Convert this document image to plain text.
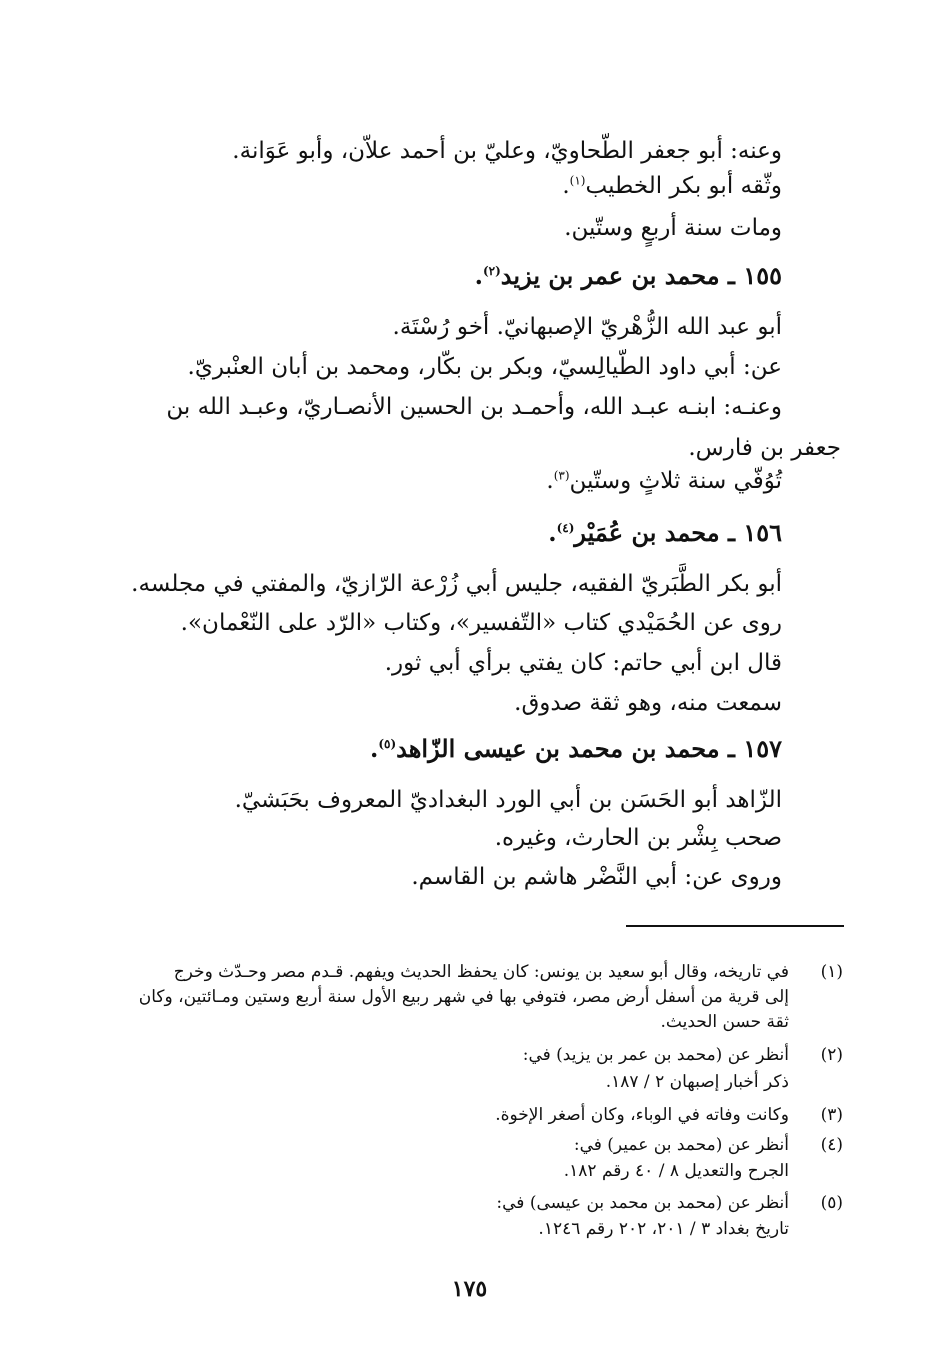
وعنه: أبو جعفر الطّحاويّ، وعليّ بن أحمد علاّن، وأبو عَوَانة.
وثّقه أبو بكر الخطيب$^{(١)}$.
ومات سنة أربعٍ وستّين.
١٥٥ ـ محمد بن عمر بن يزيد$^{(٢)}$.
أبو عبد الله الزُّهْريّ الإصبهانيّ. أخو رُسْتَة.
عن: أبي داود الطّيالِسيّ، وبكر بن بكّار، ومحمد بن أبان العنْبريّ.
وعنـه: ابنـه عبـد الله، وأحمـد بن الحسين الأنصـاريّ، وعبـد الله بن
جعفر بن فارس.
تُوُفّي سنة ثلاثٍ وستّين$^{(٣)}$.
١٥٦ ـ محمد بن عُمَيْر$^{(٤)}$.
أبو بكر الطَّبَريّ الفقيه، جليس أبي زُرْعة الرّازيّ، والمفتي في مجلسه.
روى عن الحُمَيْدي كتاب «التّفسير»، وكتاب «الرّد على النّعْمان».
قال ابن أبي حاتم: كان يفتي برأي أبي ثور.
سمعت منه، وهو ثقة صدوق.
١٥٧ ـ محمد بن محمد بن عيسى الزّاهد$^{(٥)}$.
الزّاهد أبو الحَسَن بن أبي الورد البغداديّ المعروف بحَبَشيّ.
صحب بِشْر بن الحارث، وغيره.
وروى عن: أبي النَّضْر هاشم بن القاسم.
(١)
في تاريخه، وقال أبو سعيد بن يونس: كان يحفظ الحديث ويفهم. قـدم مصر وحـدّث وخرج
إلى قرية من أسفل أرض مصر، فتوفي بها في شهر ربيع الأول سنة أربع وستين ومـائتين، وكان
ثقة حسن الحديث.
(٢)
أنظر عن (محمد بن عمر بن يزيد) في:
ذكر أخبار إصبهان ٢ / ١٨٧.
(٣)
وكانت وفاته في الوباء، وكان أصغر الإخوة.
(٤)
أنظر عن (محمد بن عمير) في:
الجرح والتعديل ٨ / ٤٠ رقم ١٨٢.
(٥)
أنظر عن (محمد بن محمد بن عيسى) في:
تاريخ بغداد ٣ / ٢٠١، ٢٠٢ رقم ١٢٤٦.
١٧٥
